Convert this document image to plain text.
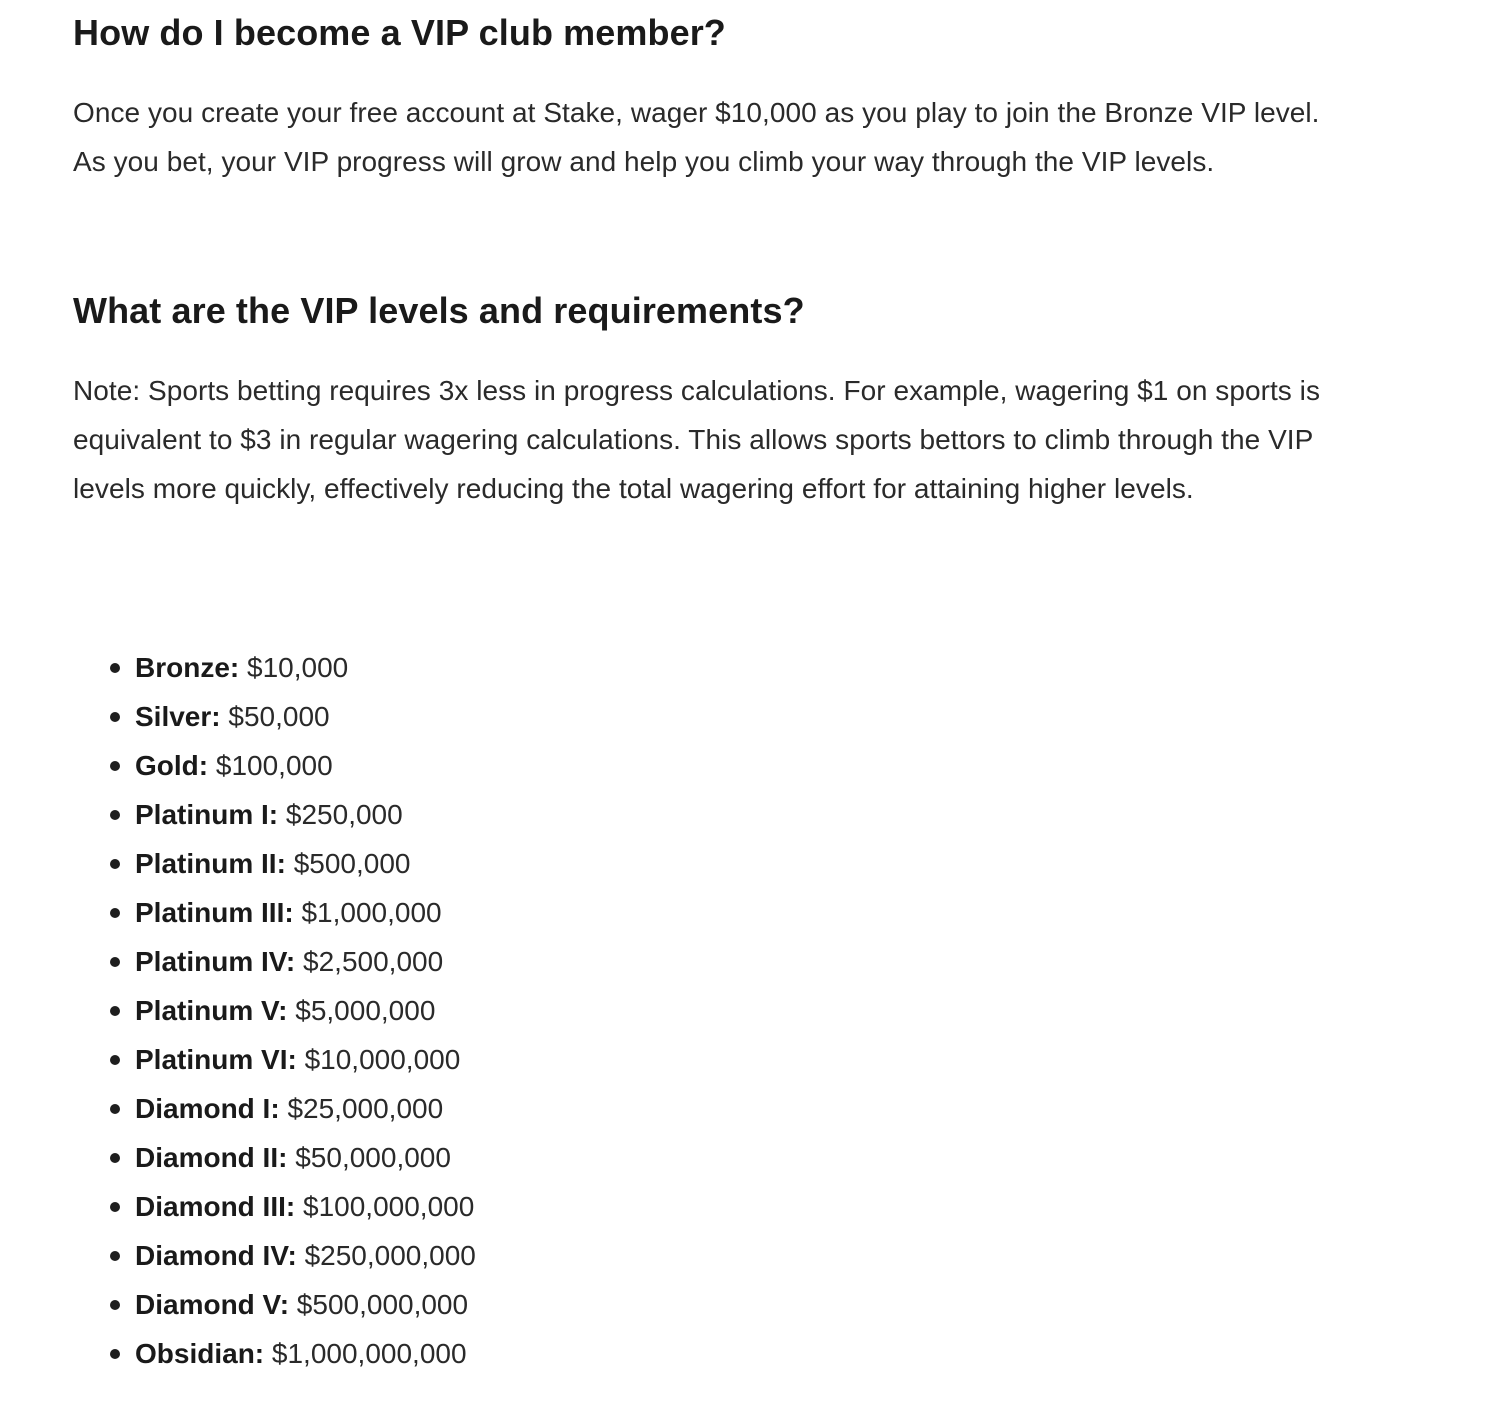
How do I become a VIP club member?

Once you create your free account at Stake, wager $10,000 as you play to join the Bronze VIP level. As you bet, your VIP progress will grow and help you climb your way through the VIP levels.

What are the VIP levels and requirements?

Note: Sports betting requires 3x less in progress calculations. For example, wagering $1 on sports is equivalent to $3 in regular wagering calculations. This allows sports bettors to climb through the VIP levels more quickly, effectively reducing the total wagering effort for attaining higher levels.

Bronze: $10,000
Silver: $50,000
Gold: $100,000
Platinum I: $250,000
Platinum II: $500,000
Platinum III: $1,000,000
Platinum IV: $2,500,000
Platinum V: $5,000,000
Platinum VI: $10,000,000
Diamond I: $25,000,000
Diamond II: $50,000,000
Diamond III: $100,000,000
Diamond IV: $250,000,000
Diamond V: $500,000,000
Obsidian: $1,000,000,000
